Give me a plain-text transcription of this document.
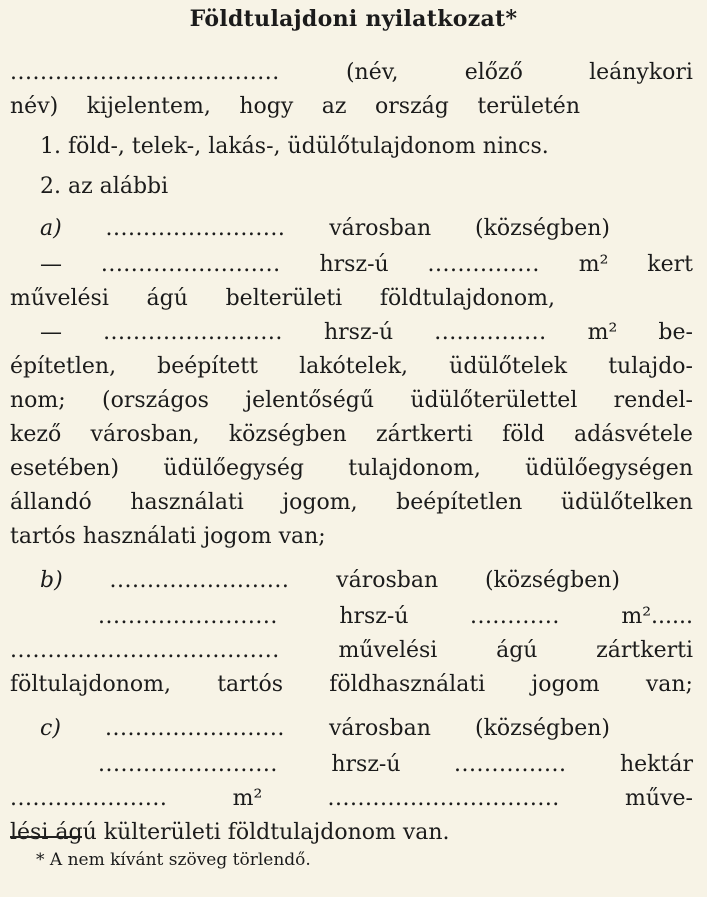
Földtulajdoni nyilatkozat*
....................................	(név,	előző	leánykori
név) kijelentem, hogy az ország területén
1. föld-, telek-, lakás-, üdülőtulajdonom nincs.
2. az alábbi
a) ........................ városban (községben)
— ........................ hrsz-ú ............... m² kert
művelési ágú belterületi földtulajdonom,
— ........................ hrsz-ú ............... m² be-
építetlen, beépített lakótelek, üdülőtelek tulajdo-
nom; (országos jelentőségű üdülőterülettel rendel-
kező városban, községben zártkerti föld adásvétele
esetében) üdülőegység tulajdonom, üdülőegységen
állandó használati jogom, beépítetlen üdülőtelken
tartós használati jogom van;
b) ........................ városban (községben)
........................	hrsz-ú	............	m²......
....................................	művelési	ágú	zártkerti
föltulajdonom, tartós földhasználati jogom van;
c) ........................ városban (községben)
........................ hrsz-ú ............... hektár
.....................	m²	...............................	műve-
lési ágú külterületi földtulajdonom van.
* A nem kívánt szöveg törlendő.
